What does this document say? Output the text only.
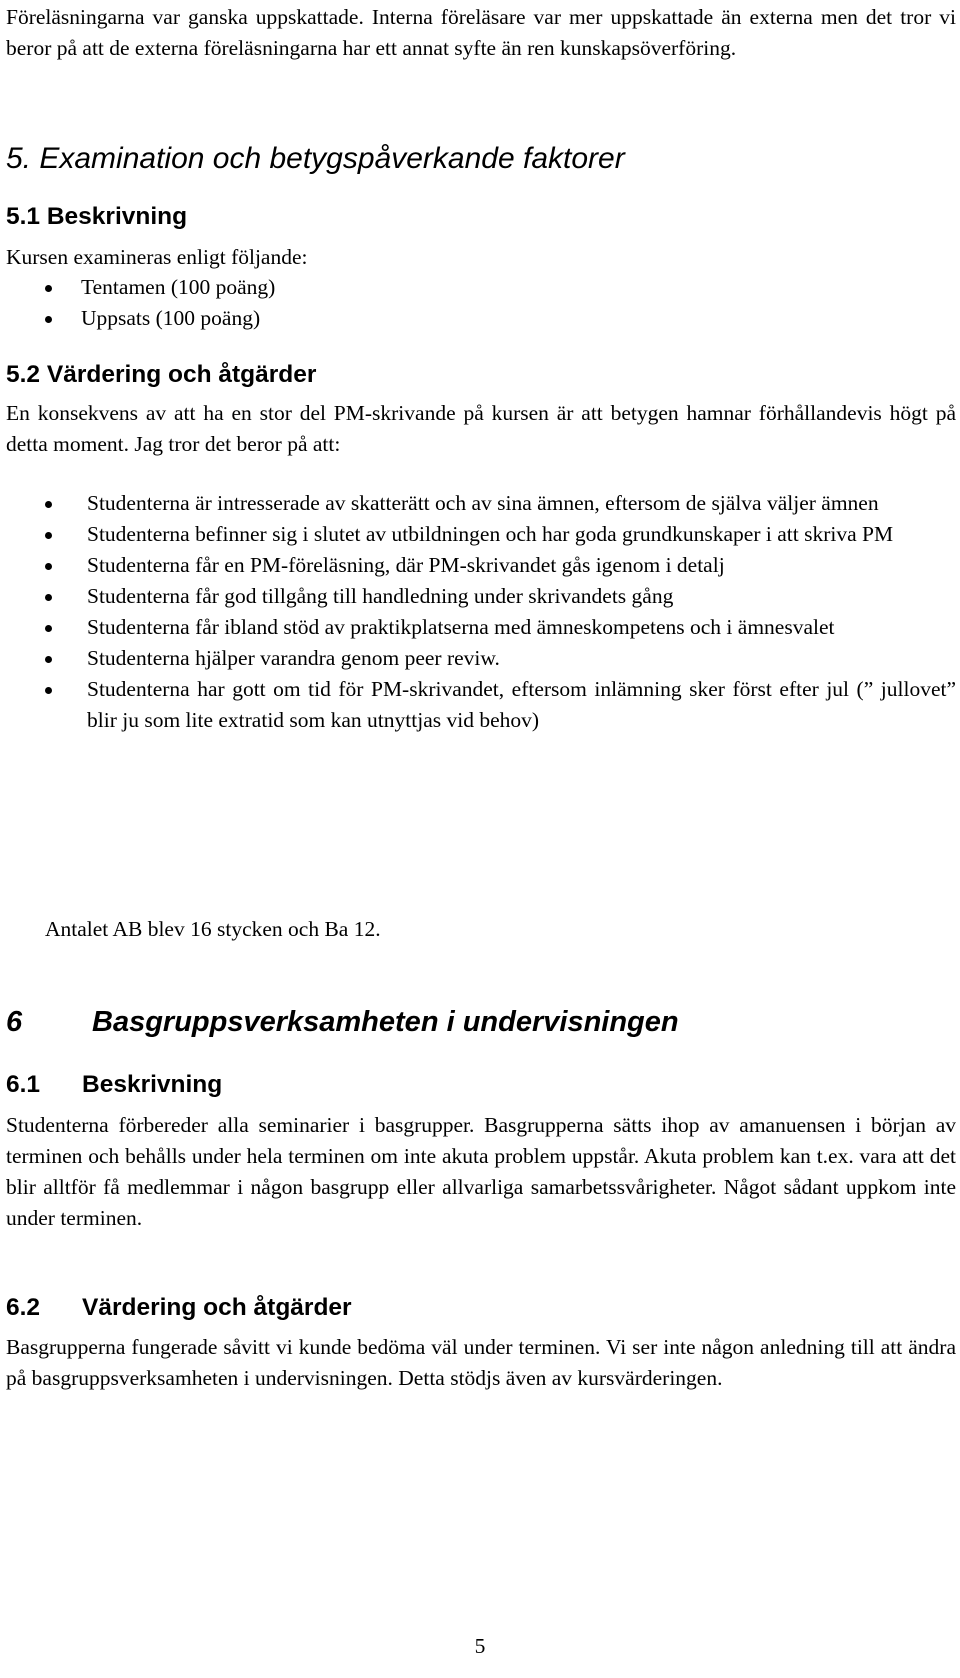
Föreläsningarna var ganska uppskattade. Interna föreläsare var mer uppskattade än externa men det tror vi beror på att de externa föreläsningarna har ett annat syfte än ren kunskapsöverföring.

5. Examination och betygspåverkande faktorer
5.1 Beskrivning

Kursen examineras enligt följande:

Tentamen (100 poäng)
Uppsats (100 poäng)
5.2 Värdering och åtgärder

En konsekvens av att ha en stor del PM-skrivande på kursen är att betygen hamnar förhållandevis högt på detta moment. Jag tror det beror på att:

Studenterna är intresserade av skatterätt och av sina ämnen, eftersom de själva väljer ämnen
Studenterna befinner sig i slutet av utbildningen och har goda grundkunskaper i att skriva PM
Studenterna får en PM-föreläsning, där PM-skrivandet gås igenom i detalj
Studenterna får god tillgång till handledning under skrivandets gång
Studenterna får ibland stöd av praktikplatserna med ämneskompetens och i ämnesvalet
Studenterna hjälper varandra genom peer reviw.
Studenterna har gott om tid för PM-skrivandet, eftersom inlämning sker först efter jul (” jullovet” blir ju som lite extratid som kan utnyttjas vid behov)

Antalet AB blev 16 stycken och Ba 12.

6 Basgruppsverksamheten i undervisningen
6.1 Beskrivning

Studenterna förbereder alla seminarier i basgrupper. Basgrupperna sätts ihop av amanuensen i början av terminen och behålls under hela terminen om inte akuta problem uppstår. Akuta problem kan t.ex. vara att det blir alltför få medlemmar i någon basgrupp eller allvarliga samarbetssvårigheter. Något sådant uppkom inte under terminen.

6.2 Värdering och åtgärder

Basgrupperna fungerade såvitt vi kunde bedöma väl under terminen. Vi ser inte någon anledning till att ändra på basgruppsverksamheten i undervisningen. Detta stödjs även av kursvärderingen.

5
